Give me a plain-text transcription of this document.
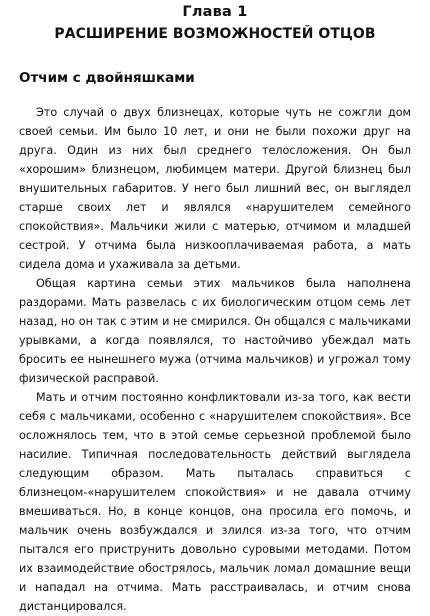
Глава 1
РАСШИРЕНИЕ ВОЗМОЖНОСТЕЙ ОТЦОВ
Отчим с двойняшками

Это случай о двух близнецах, которые чуть не сожгли дом своей семьи. Им было 10 лет, и они не были похожи друг на друга. Один из них был среднего телосложения. Он был «хорошим» близнецом, любимцем матери. Другой близнец был внушительных габаритов. У него был лишний вес, он выглядел старше своих лет и являлся «нарушителем семейного спокойствия». Мальчики жили с матерью, отчимом и младшей сестрой. У отчима была низкооплачиваемая работа, а мать сидела дома и ухаживала за детьми.

Общая картина семьи этих мальчиков была наполнена раздорами. Мать развелась с их биологическим отцом семь лет назад, но он так с этим и не смирился. Он общался с мальчиками урывками, а когда появлялся, то настойчиво убеждал мать бросить ее нынешнего мужа (отчима мальчиков) и угрожал тому физической расправой.

Мать и отчим постоянно конфликтовали из-за того, как вести себя с мальчиками, особенно с «нарушителем спокойствия». Все осложнялось тем, что в этой семье серьезной проблемой было насилие. Типичная последовательность действий выглядела следующим образом. Мать пыталась справиться с близнецом-«нарушителем спокойствия» и не давала отчиму вмешиваться. Но, в конце концов, она просила его помочь, и мальчик очень возбуждался и злился из-за того, что отчим пытался его приструнить довольно суровыми методами. Потом их взаимодействие обострялось, мальчик ломал домашние вещи и нападал на отчима. Мать расстраивалась, и отчим снова дистанцировался.
